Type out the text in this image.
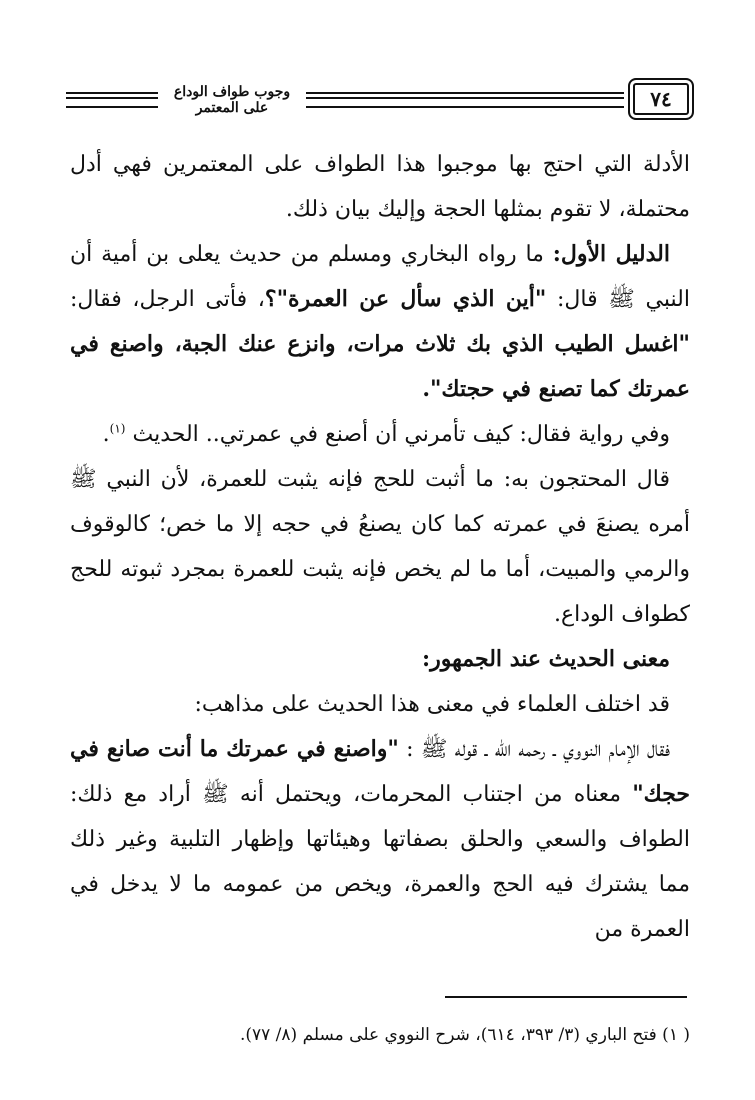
وجوب طواف الوداع على المعتمر	٧٤

الأدلة التي احتج بها موجبوا هذا الطواف على المعتمرين فهي أدل محتملة، لا تقوم بمثلها الحجة وإليك بيان ذلك.

الدليل الأول: ما رواه البخاري ومسلم من حديث يعلى بن أمية أن النبي ﷺ قال: "أين الذي سأل عن العمرة"؟، فأتى الرجل، فقال: "اغسل الطيب الذي بك ثلاث مرات، وانزع عنك الجبة، واصنع في عمرتك كما تصنع في حجتك".

وفي رواية فقال: كيف تأمرني أن أصنع في عمرتي.. الحديث $^{(١)}$.

قال المحتجون به: ما أثبت للحج فإنه يثبت للعمرة، لأن النبي ﷺ أمره يصنعَ في عمرته كما كان يصنعُ في حجه إلا ما خص؛ كالوقوف والرمي والمبيت، أما ما لم يخص فإنه يثبت للعمرة بمجرد ثبوته للحج كطواف الوداع.

معنى الحديث عند الجمهور:

قد اختلف العلماء في معنى هذا الحديث على مذاهب:

فقال الإمام النووي ـ رحمه الله ـ قوله ﷺ : "واصنع في عمرتك ما أنت صانع في حجك" معناه من اجتناب المحرمات، ويحتمل أنه ﷺ أراد مع ذلك: الطواف والسعي والحلق بصفاتها وهيئاتها وإظهار التلبية وغير ذلك مما يشترك فيه الحج والعمرة، ويخص من عمومه ما لا يدخل في العمرة من

( ١) فتح الباري (٣/ ٣٩٣، ٦١٤)، شرح النووي على مسلم (٨/ ٧٧).
